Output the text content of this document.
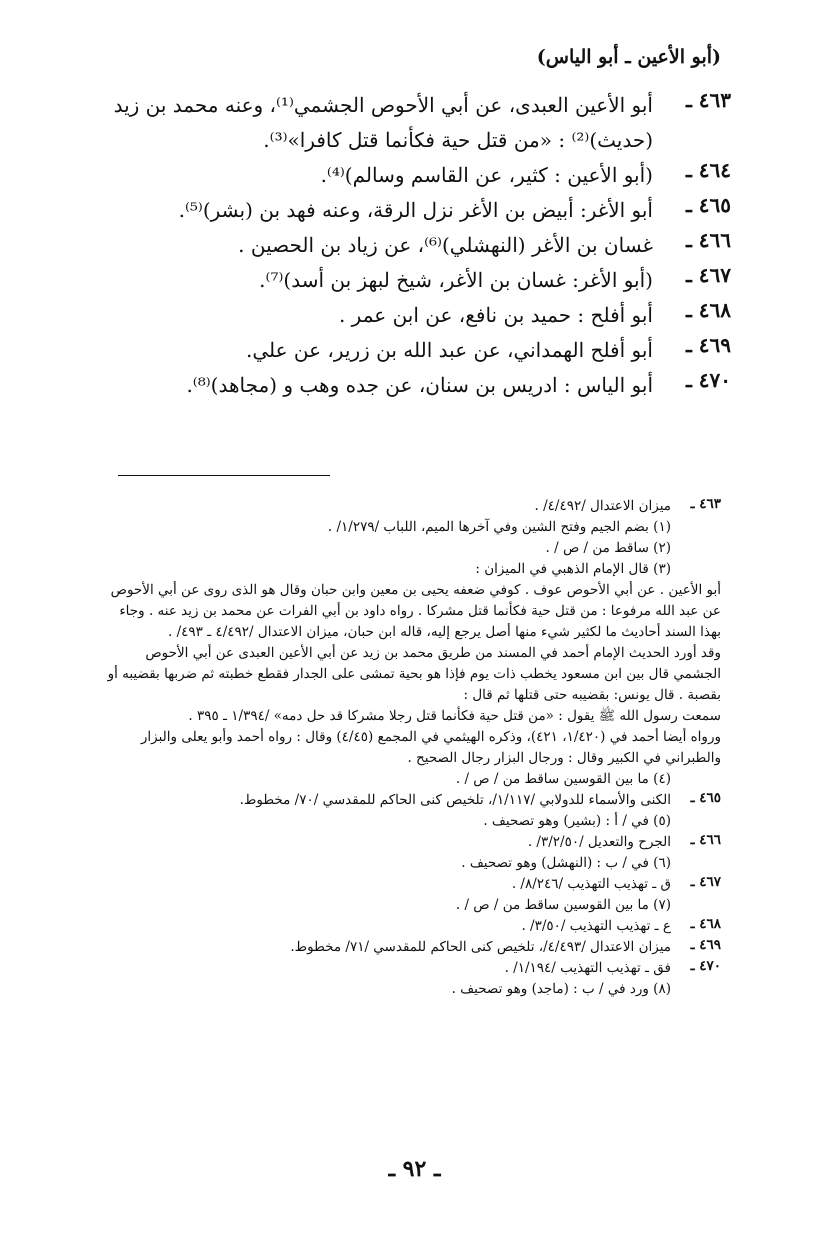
(أبو الأعين ـ أبو الياس)
٤٦٣ ـ
أبو الأعين العبدى، عن أبي الأحوص الجشمي⁽¹⁾، وعنه محمد بن زيد (حديث)⁽²⁾ : «من قتل حية فكأنما قتل كافرا»⁽³⁾.
٤٦٤ ـ
(أبو الأعين : كثير، عن القاسم وسالم)⁽⁴⁾.
٤٦٥ ـ
أبو الأغر: أبيض بن الأغر نزل الرقة، وعنه فهد بن (بشر)⁽⁵⁾.
٤٦٦ ـ
غسان بن الأغر (النهشلي)⁽⁶⁾، عن زياد بن الحصين .
٤٦٧ ـ
(أبو الأغر: غسان بن الأغر، شيخ لبهز بن أسد)⁽⁷⁾.
٤٦٨ ـ
أبو أفلح : حميد بن نافع، عن ابن عمر .
٤٦٩ ـ
أبو أفلح الهمداني، عن عبد الله بن زرير، عن علي.
٤٧٠ ـ
أبو الياس : ادريس بن سنان، عن جده وهب و (مجاهد)⁽⁸⁾.
٤٦٣ ـ
ميزان الاعتدال /٤/٤٩٢/ .
(١) بضم الجيم وفتح الشين وفي آخرها الميم، اللباب /١/٢٧٩/ .
(٢) ساقط من / ص / .
(٣) قال الإمام الذهبي في الميزان :
أبو الأعين . عن أبي الأحوص عوف . كوفي ضعفه يحيى بن معين وابن حبان وقال هو الذى روى عن أبي الأحوص عن عبد الله مرفوعا : من قتل حية فكأنما قتل مشركا . رواه داود بن أبي الفرات عن محمد بن زيد عنه . وجاء بهذا السند أحاديث ما لكثير شيء منها أصل يرجع إليه، قاله ابن حبان، ميزان الاعتدال /٤/٤٩٢ ـ ٤٩٣/ .
وقد أورد الحديث الإمام أحمد في المسند من طريق محمد بن زيد عن أبي الأعين العبدى عن أبي الأحوص الجشمي قال بين ابن مسعود يخطب ذات يوم فإذا هو بحية تمشى على الجدار فقطع خطبته ثم ضربها بقضيبه أو بقصبة . قال يونس: بقضيبه حتى قتلها ثم قال :
سمعت رسول الله ﷺ يقول : «من قتل حية فكأنما قتل رجلا مشركا قد حل دمه» /١/٣٩٤ ـ ٣٩٥ .
ورواه أيضا أحمد في (١/٤٢٠، ٤٢١)، وذكره الهيثمي في المجمع (٤/٤٥) وقال : رواه أحمد وأبو يعلى والبزار والطبراني في الكبير وقال : ورجال البزار رجال الصحيح .
(٤) ما بين القوسين ساقط من / ص / .
٤٦٥ ـ
الكنى والأسماء للدولابي /١/١١٧/، تلخيص كنى الحاكم للمقدسي /٧٠/ مخطوط.
(٥) في / أ : (بشير) وهو تصحيف .
٤٦٦ ـ
الجرح والتعديل /٣/٢/٥٠/ .
(٦) في / ب : (النهشل) وهو تصحيف .
٤٦٧ ـ
ق ـ تهذيب التهذيب /٨/٢٤٦/ .
(٧) ما بين القوسين ساقط من / ص / .
٤٦٨ ـ
ع ـ تهذيب التهذيب /٣/٥٠/ .
٤٦٩ ـ
ميزان الاعتدال /٤/٤٩٣/، تلخيص كنى الحاكم للمقدسي /٧١/ مخطوط.
٤٧٠ ـ
فق ـ تهذيب التهذيب /١/١٩٤/ .
(٨) ورد في / ب : (ماجد) وهو تصحيف .
ـ ٩٢ ـ
